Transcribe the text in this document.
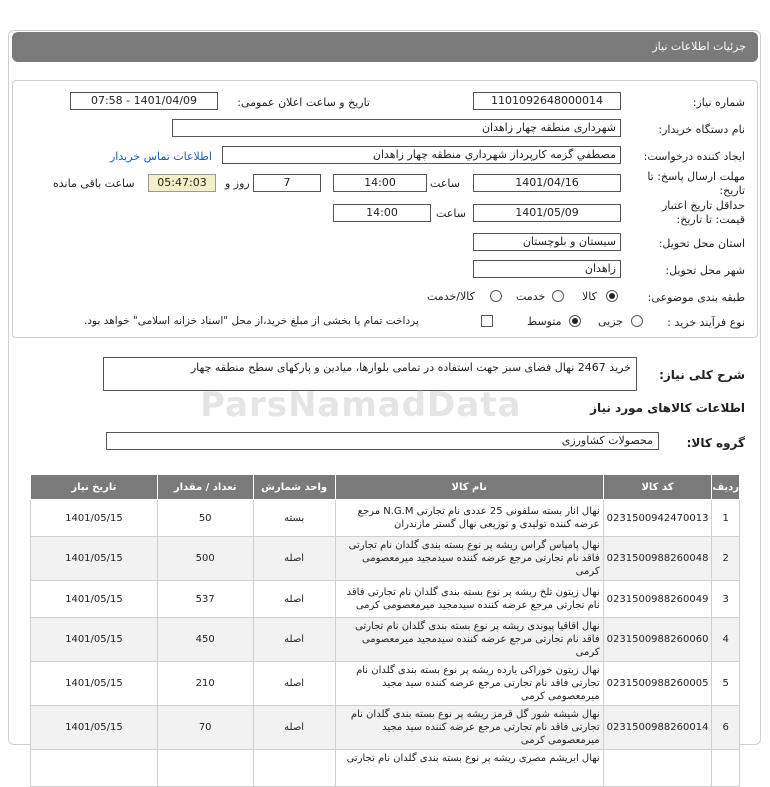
جزئیات اطلاعات نیاز
شماره نیاز:
1101092648000014
تاریخ و ساعت اعلان عمومی:
1401/04/09 - 07:58
نام دستگاه خریدار:
شهرداری منطقه چهار زاهدان
ایجاد کننده درخواست:
مصطفي گزمه کارپرداز شهرداري منطقه چهار زاهدان
اطلاعات تماس خریدار
مهلت ارسال پاسخ: تا
تاریخ:
1401/04/16
ساعت
14:00
7
روز و
05:47:03
ساعت باقی مانده
حداقل تاریخ اعتبار
قیمت: تا تاریخ:
1401/05/09
ساعت
14:00
استان محل تحویل:
سیستان و بلوچستان
شهر محل تحویل:
زاهدان
طبقه بندی موضوعی:
کالا
خدمت
کالا/خدمت
نوع فرآیند خرید :
جزیی
متوسط
پرداخت تمام یا بخشی از مبلغ خرید،از محل "اسناد خزانه اسلامی" خواهد بود.
شرح کلی نیاز:
خرید 2467 نهال فضای سبز جهت استفاده در تمامی بلوارها، میادین و پارکهای سطح منطقه چهار
ParsNamadData	اطلاعات کالاهای مورد نیاز
گروه کالا:
محصولات کشاورزی
ردیف	کد کالا	نام کالا	واحد شمارش	تعداد / مقدار	تاریخ نیاز
1	0231500942470013	نهال انار بسته سلفونی 25 عددی نام تجارتی N.G.M مرجع عرضه کننده تولیدی و توزیعی نهال گستر مازندران	بسته	50	1401/05/15
2	0231500988260048	نهال پامپاس گراس ریشه پر نوع بسته بندی گلدان نام تجارتی فاقد نام تجارتی مرجع عرضه کننده سیدمجید میرمعصومی کرمی	اصله	500	1401/05/15
3	0231500988260049	نهال زیتون تلخ ریشه پر نوع بسته بندی گلدان نام تجارتی فاقد نام تجارتی مرجع عرضه کننده سیدمجید میرمعصومی کرمی	اصله	537	1401/05/15
4	0231500988260060	نهال اقاقیا پیوندی ریشه پر نوع بسته بندی گلدان نام تجارتی فاقد نام تجارتی مرجع عرضه کننده سیدمجید میرمعصومی کرمی	اصله	450	1401/05/15
5	0231500988260005	نهال زیتون خوراکی یارده ریشه پر نوع بسته بندی گلدان نام تجارتی فاقد نام تجارتی مرجع عرضه کننده سید مجید میرمعصومی کرمی	اصله	210	1401/05/15
6	0231500988260014	نهال شیشه شور گل قرمز ریشه پر نوع بسته بندی گلدان نام تجارتی فاقد نام تجارتی مرجع عرضه کننده سید مجید میرمعصومی کرمی	اصله	70	1401/05/15
		نهال ابریشم مصری ریشه پر نوع بسته بندی گلدان نام تجارتی			
